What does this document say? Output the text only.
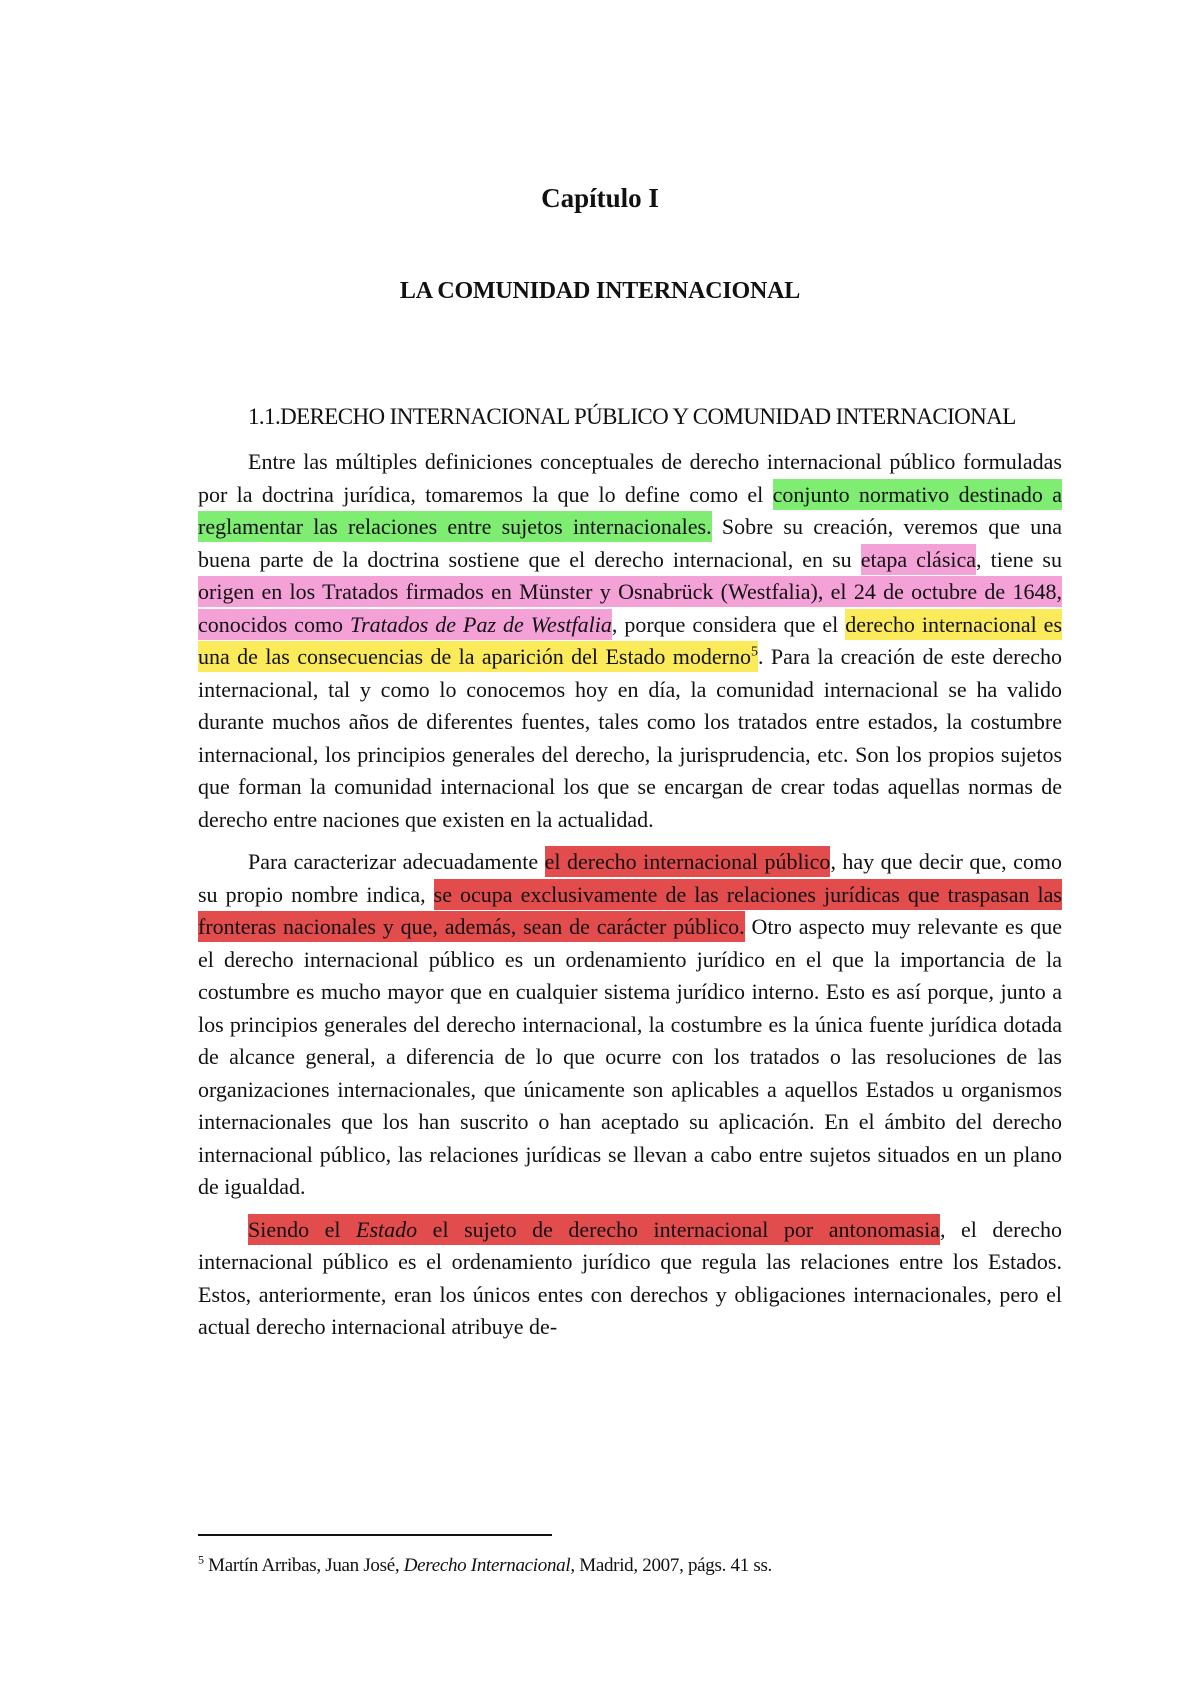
Capítulo I
LA COMUNIDAD INTERNACIONAL
1.1.DERECHO INTERNACIONAL PÚBLICO Y COMUNIDAD INTERNACIONAL

Entre las múltiples definiciones conceptuales de derecho internacional público formuladas por la doctrina jurídica, tomaremos la que lo define como el conjunto normativo destinado a reglamentar las relaciones entre sujetos internacionales. Sobre su creación, veremos que una buena parte de la doctrina sostiene que el derecho internacional, en su etapa clásica, tiene su origen en los Tratados firmados en Münster y Osnabrück (Westfalia), el 24 de octubre de 1648, conocidos como Tratados de Paz de Westfalia, porque considera que el derecho internacional es una de las consecuencias de la aparición del Estado moderno$^5$. Para la creación de este derecho internacional, tal y como lo conocemos hoy en día, la comunidad internacional se ha valido durante muchos años de diferentes fuentes, tales como los tratados entre estados, la costumbre internacional, los principios generales del derecho, la jurisprudencia, etc. Son los propios sujetos que forman la comunidad internacional los que se encargan de crear todas aquellas normas de derecho entre naciones que existen en la actualidad.

Para caracterizar adecuadamente el derecho internacional público, hay que decir que, como su propio nombre indica, se ocupa exclusivamente de las relaciones jurídicas que traspasan las fronteras nacionales y que, además, sean de carácter público. Otro aspecto muy relevante es que el derecho internacional público es un ordenamiento jurídico en el que la importancia de la costumbre es mucho mayor que en cualquier sistema jurídico interno. Esto es así porque, junto a los principios generales del derecho internacional, la costumbre es la única fuente jurídica dotada de alcance general, a diferencia de lo que ocurre con los tratados o las resoluciones de las organizaciones internacionales, que únicamente son aplicables a aquellos Estados u organismos internacionales que los han suscrito o han aceptado su aplicación. En el ámbito del derecho internacional público, las relaciones jurídicas se llevan a cabo entre sujetos situados en un plano de igualdad.

Siendo el Estado el sujeto de derecho internacional por antonomasia, el derecho internacional público es el ordenamiento jurídico que regula las relaciones entre los Estados. Estos, anteriormente, eran los únicos entes con derechos y obligaciones internacionales, pero el actual derecho internacional atribuye de-

$^5$ Martín Arribas, Juan José, Derecho Internacional, Madrid, 2007, págs. 41 ss.
